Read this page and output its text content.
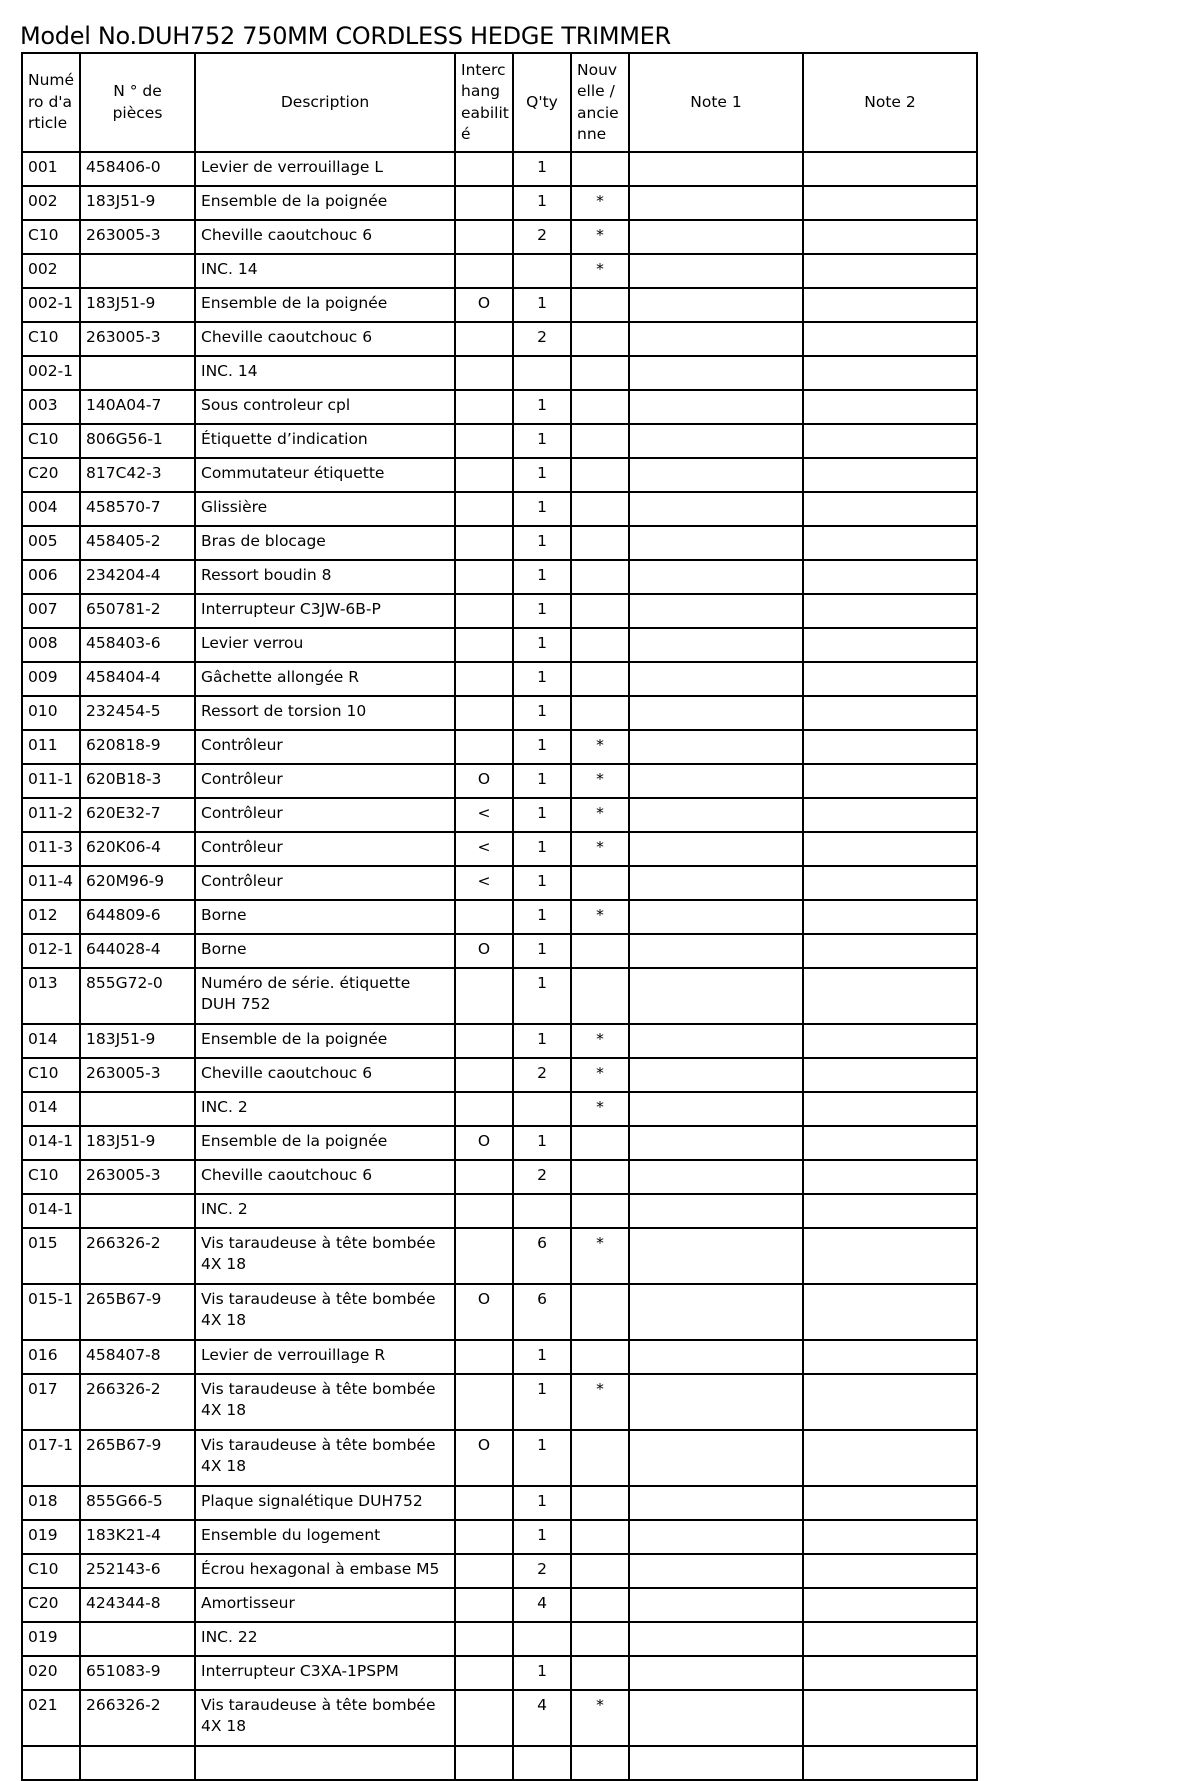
Model No.DUH752 750MM CORDLESS HEDGE TRIMMER
Numé ro d'a rticle	N ° de pièces	Description	Interc hang eabilit é	Q'ty	Nouv elle / ancie nne	Note 1	Note 2
001	458406-0	Levier de verrouillage L		1			
002	183J51-9	Ensemble de la poignée		1	*		
C10	263005-3	Cheville caoutchouc 6		2	*		
002		INC. 14			*		
002-1	183J51-9	Ensemble de la poignée	O	1			
C10	263005-3	Cheville caoutchouc 6		2			
002-1		INC. 14					
003	140A04-7	Sous controleur cpl		1			
C10	806G56-1	Étiquette d’indication		1			
C20	817C42-3	Commutateur étiquette		1			
004	458570-7	Glissière		1			
005	458405-2	Bras de blocage		1			
006	234204-4	Ressort boudin 8		1			
007	650781-2	Interrupteur C3JW-6B-P		1			
008	458403-6	Levier verrou		1			
009	458404-4	Gâchette allongée R		1			
010	232454-5	Ressort de torsion 10		1			
011	620818-9	Contrôleur		1	*		
011-1	620B18-3	Contrôleur	O	1	*		
011-2	620E32-7	Contrôleur	<	1	*		
011-3	620K06-4	Contrôleur	<	1	*		
011-4	620M96-9	Contrôleur	<	1			
012	644809-6	Borne		1	*		
012-1	644028-4	Borne	O	1			
013	855G72-0	Numéro de série. étiquette DUH 752		1			
014	183J51-9	Ensemble de la poignée		1	*		
C10	263005-3	Cheville caoutchouc 6		2	*		
014		INC. 2			*		
014-1	183J51-9	Ensemble de la poignée	O	1			
C10	263005-3	Cheville caoutchouc 6		2			
014-1		INC. 2					
015	266326-2	Vis taraudeuse à tête bombée 4X 18		6	*		
015-1	265B67-9	Vis taraudeuse à tête bombée 4X 18	O	6			
016	458407-8	Levier de verrouillage R		1			
017	266326-2	Vis taraudeuse à tête bombée 4X 18		1	*		
017-1	265B67-9	Vis taraudeuse à tête bombée 4X 18	O	1			
018	855G66-5	Plaque signalétique DUH752		1			
019	183K21-4	Ensemble du logement		1			
C10	252143-6	Écrou hexagonal à embase M5		2			
C20	424344-8	Amortisseur		4			
019		INC. 22					
020	651083-9	Interrupteur C3XA-1PSPM		1			
021	266326-2	Vis taraudeuse à tête bombée 4X 18		4	*		
